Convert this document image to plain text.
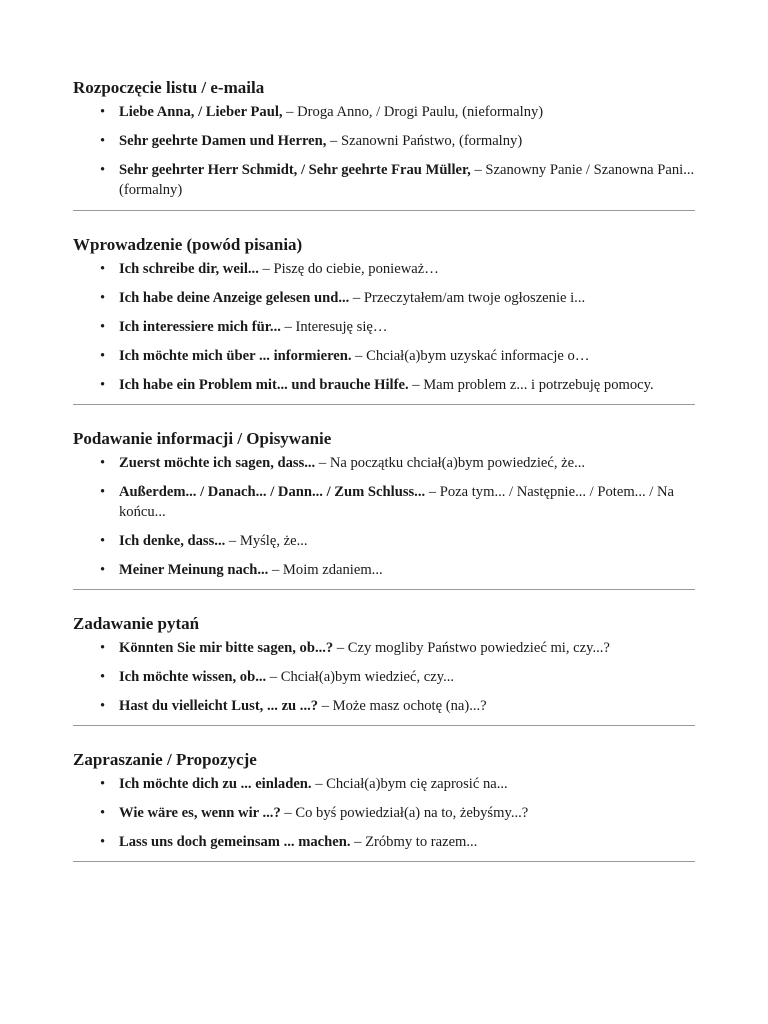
Rozpoczęcie listu / e-maila
• Liebe Anna, / Lieber Paul, – Droga Anno, / Drogi Paulu, (nieformalny)
• Sehr geehrte Damen und Herren, – Szanowni Państwo, (formalny)
• Sehr geehrter Herr Schmidt, / Sehr geehrte Frau Müller, – Szanowny Panie / Szanowna Pani... (formalny)
Wprowadzenie (powód pisania)
• Ich schreibe dir, weil... – Piszę do ciebie, ponieważ…
• Ich habe deine Anzeige gelesen und... – Przeczytałem/am twoje ogłoszenie i...
• Ich interessiere mich für... – Interesuję się…
• Ich möchte mich über ... informieren. – Chciał(a)bym uzyskać informacje o…
• Ich habe ein Problem mit... und brauche Hilfe. – Mam problem z... i potrzebuję pomocy.
Podawanie informacji / Opisywanie
• Zuerst möchte ich sagen, dass... – Na początku chciał(a)bym powiedzieć, że...
• Außerdem... / Danach... / Dann... / Zum Schluss... – Poza tym... / Następnie... / Potem... / Na końcu...
• Ich denke, dass... – Myślę, że...
• Meiner Meinung nach... – Moim zdaniem...
Zadawanie pytań
• Könnten Sie mir bitte sagen, ob...? – Czy mogliby Państwo powiedzieć mi, czy...?
• Ich möchte wissen, ob... – Chciał(a)bym wiedzieć, czy...
• Hast du vielleicht Lust, ... zu ...? – Może masz ochotę (na)...?
Zapraszanie / Propozycje
• Ich möchte dich zu ... einladen. – Chciał(a)bym cię zaprosić na...
• Wie wäre es, wenn wir ...? – Co byś powiedział(a) na to, żebyśmy...?
• Lass uns doch gemeinsam ... machen. – Zróbmy to razem...
